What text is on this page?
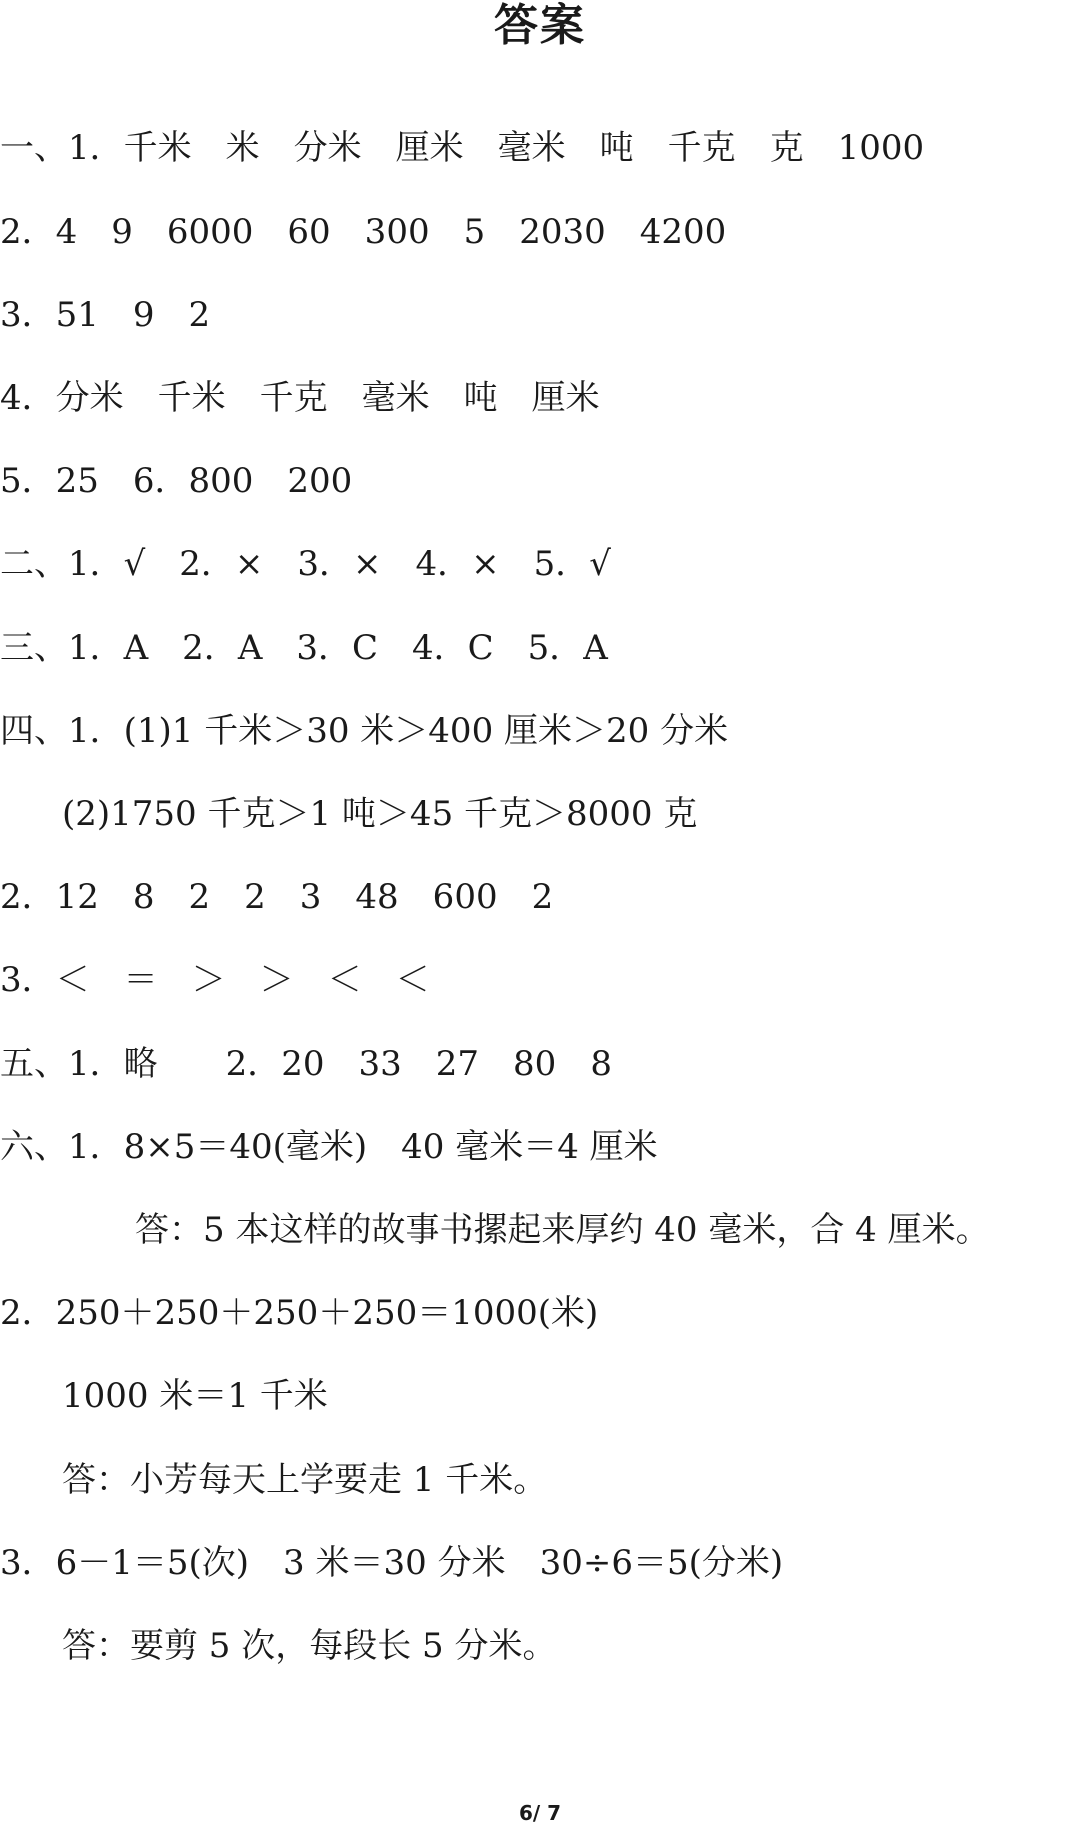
答案

一、1．千米　米　分米　厘米　毫米　吨　千克　克　1000

2．4　9　6000　60　300　5　2030　4200

3．51　9　2

4．分米　千米　千克　毫米　吨　厘米

5．25　6．800　200

二、1．√　2．×　3．×　4．×　5．√

三、1．A　2．A　3．C　4．C　5．A

四、1．(1)1 千米＞30 米＞400 厘米＞20 分米

(2)1750 千克＞1 吨＞45 千克＞8000 克

2．12　8　2　2　3　48　600　2

3．＜　＝　＞　＞　＜　＜

五、1．略　　2．20　33　27　80　8

六、1．8×5＝40(毫米)　40 毫米＝4 厘米

答：5 本这样的故事书摞起来厚约 40 毫米，合 4 厘米。

2．250＋250＋250＋250＝1000(米)

1000 米＝1 千米

答：小芳每天上学要走 1 千米。

3．6－1＝5(次)　3 米＝30 分米　30÷6＝5(分米)

答：要剪 5 次，每段长 5 分米。

6/ 7
